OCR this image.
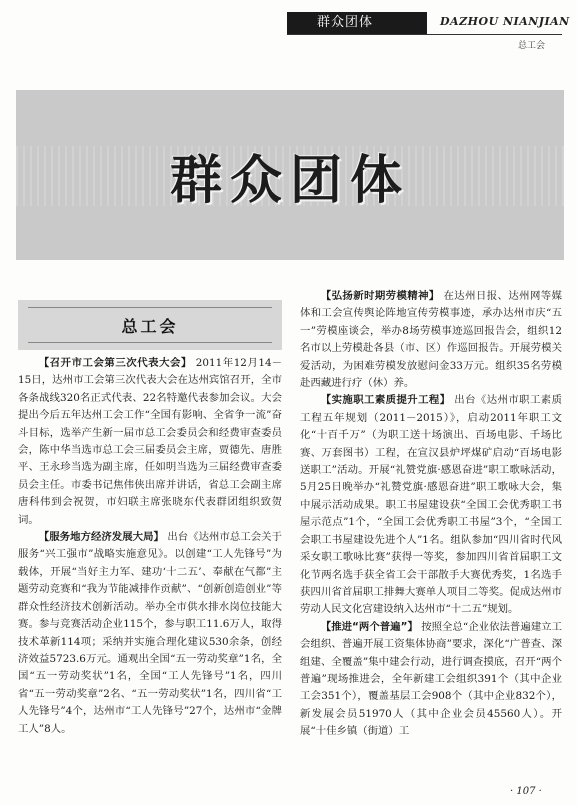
群众团体	DAZHOU NIANJIAN
总工会
群众团体
总工会

【召开市工会第三次代表大会】 2011年12月14－15日，达州市工会第三次代表大会在达州宾馆召开，全市各条战线320名正式代表、22名特邀代表参加会议。大会提出今后五年达州工会工作“全国有影响、全省争一流”奋斗目标，选举产生新一届市总工会委员会和经费审查委员会，陈中华当选市总工会三届委员会主席，贾德先、唐胜平、王永珍当选为副主席，任如明当选为三届经费审查委员会主任。市委书记焦伟侠出席并讲话，省总工会副主席唐科伟到会祝贺，市妇联主席张晓东代表群团组织致贺词。

【服务地方经济发展大局】 出台《达州市总工会关于服务“兴工强市”战略实施意见》。以创建“工人先锋号”为载体，开展“当好主力军、建功‘十二五’、奉献在气都”主题劳动竞赛和“我为节能减排作贡献”、“创新创造创业”等群众性经济技术创新活动。举办全市供水排水岗位技能大赛。参与竞赛活动企业115个，参与职工11.6万人，取得技术革新114项；采纳并实施合理化建议530余条，创经济效益5723.6万元。通观出全国“五一劳动奖章”1名，全国“五一劳动奖状”1名，全国“工人先锋号”1名，四川省“五一劳动奖章”2名、“五一劳动奖状”1名，四川省“工人先锋号”4个，达州市“工人先锋号”27个，达州市“金牌工人”8人。

【弘扬新时期劳模精神】 在达州日报、达州网等媒体和工会宣传舆论阵地宣传劳模事迹，承办达州市庆“五一”劳模座谈会，举办8场劳模事迹巡回报告会，组织12名市以上劳模赴各县（市、区）作巡回报告。开展劳模关爱活动，为困难劳模发放慰问金33万元。组织35名劳模赴西藏进行疗（休）养。

【实施职工素质提升工程】 出台《达州市职工素质工程五年规划（2011－2015）》，启动2011年职工文化“十百千万”（为职工送十场演出、百场电影、千场比赛、万套图书）工程，在宣汉县炉坪煤矿启动“百场电影送职工”活动。开展“礼赞党旗·感恩奋进”职工歌咏活动，5月25日晚举办“礼赞党旗·感恩奋进”职工歌咏大会，集中展示活动成果。职工书屋建设获“全国工会优秀职工书屋示范点”1个，“全国工会优秀职工书屋”3个，“全国工会职工书屋建设先进个人”1名。组队参加“四川省时代风采女职工歌咏比赛”获得一等奖，参加四川省首届职工文化节两名选手获全省工会干部散手大赛优秀奖，1名选手获四川省首届职工排舞大赛单人项目二等奖。促成达州市劳动人民文化宫建设纳入达州市“十二五”规划。

【推进“两个普遍”】 按照全总“企业依法普遍建立工会组织、普遍开展工资集体协商”要求，深化“广普查、深组建、全覆盖”集中建会行动，进行调查摸底，召开“两个普遍”现场推进会，全年新建工会组织391个（其中企业工会351个），覆盖基层工会908个（其中企业832个），新发展会员51970人（其中企业会员45560人）。开展“十佳乡镇（街道）工

· 107 ·
